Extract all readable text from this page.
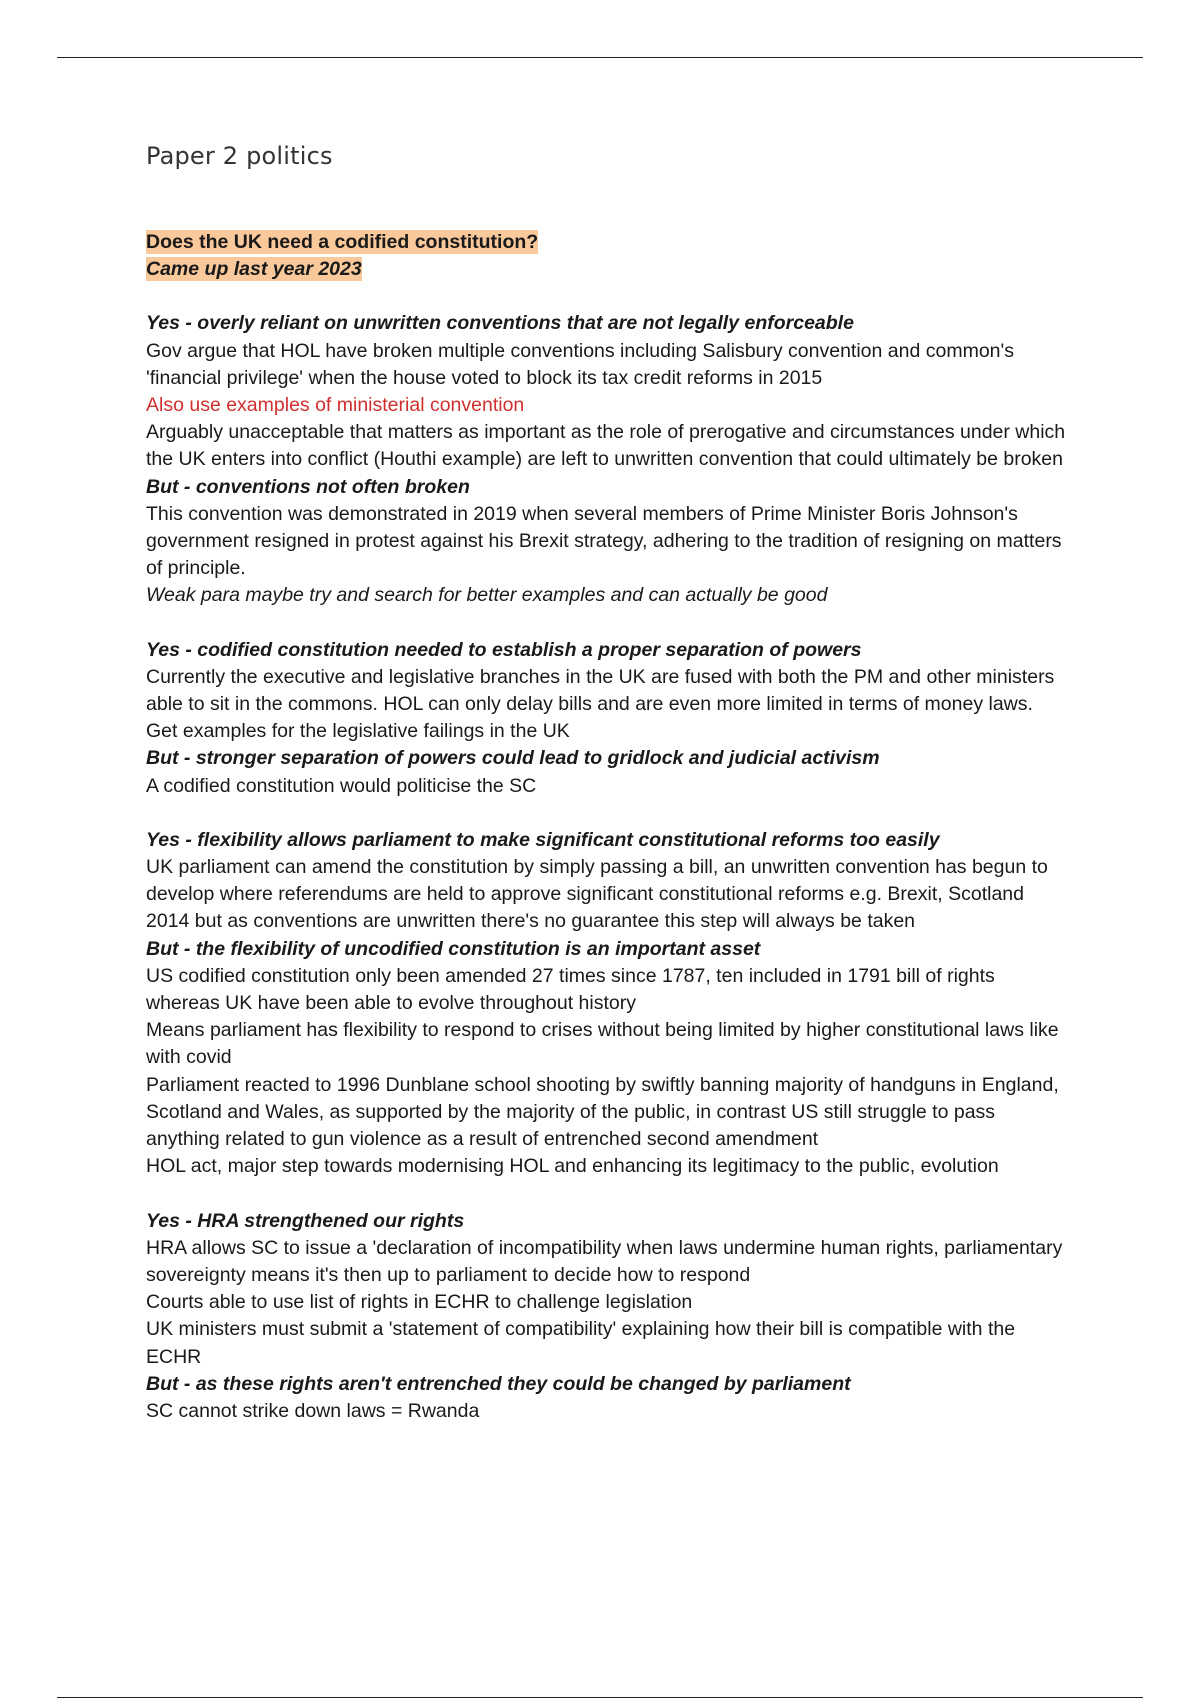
Paper 2 politics

Does the UK need a codified constitution?

Came up last year 2023

Yes - overly reliant on unwritten conventions that are not legally enforceable

Gov argue that HOL have broken multiple conventions including Salisbury convention and common's 'financial privilege' when the house voted to block its tax credit reforms in 2015

Also use examples of ministerial convention

Arguably unacceptable that matters as important as the role of prerogative and circumstances under which the UK enters into conflict (Houthi example) are left to unwritten convention that could ultimately be broken

But - conventions not often broken

This convention was demonstrated in 2019 when several members of Prime Minister Boris Johnson's government resigned in protest against his Brexit strategy, adhering to the tradition of resigning on matters of principle.

Weak para maybe try and search for better examples and can actually be good

Yes - codified constitution needed to establish a proper separation of powers

Currently the executive and legislative branches in the UK are fused with both the PM and other ministers able to sit in the commons. HOL can only delay bills and are even more limited in terms of money laws.

Get examples for the legislative failings in the UK

But - stronger separation of powers could lead to gridlock and judicial activism

A codified constitution would politicise the SC

Yes - flexibility allows parliament to make significant constitutional reforms too easily

UK parliament can amend the constitution by simply passing a bill, an unwritten convention has begun to develop where referendums are held to approve significant constitutional reforms e.g. Brexit, Scotland 2014 but as conventions are unwritten there's no guarantee this step will always be taken

But - the flexibility of uncodified constitution is an important asset

US codified constitution only been amended 27 times since 1787, ten included in 1791 bill of rights whereas UK have been able to evolve throughout history

Means parliament has flexibility to respond to crises without being limited by higher constitutional laws like with covid

Parliament reacted to 1996 Dunblane school shooting by swiftly banning majority of handguns in England, Scotland and Wales, as supported by the majority of the public, in contrast US still struggle to pass anything related to gun violence as a result of entrenched second amendment

HOL act, major step towards modernising HOL and enhancing its legitimacy to the public, evolution

Yes - HRA strengthened our rights

HRA allows SC to issue a 'declaration of incompatibility when laws undermine human rights, parliamentary sovereignty means it's then up to parliament to decide how to respond

Courts able to use list of rights in ECHR to challenge legislation

UK ministers must submit a 'statement of compatibility' explaining how their bill is compatible with the ECHR

But - as these rights aren't entrenched they could be changed by parliament

SC cannot strike down laws = Rwanda
